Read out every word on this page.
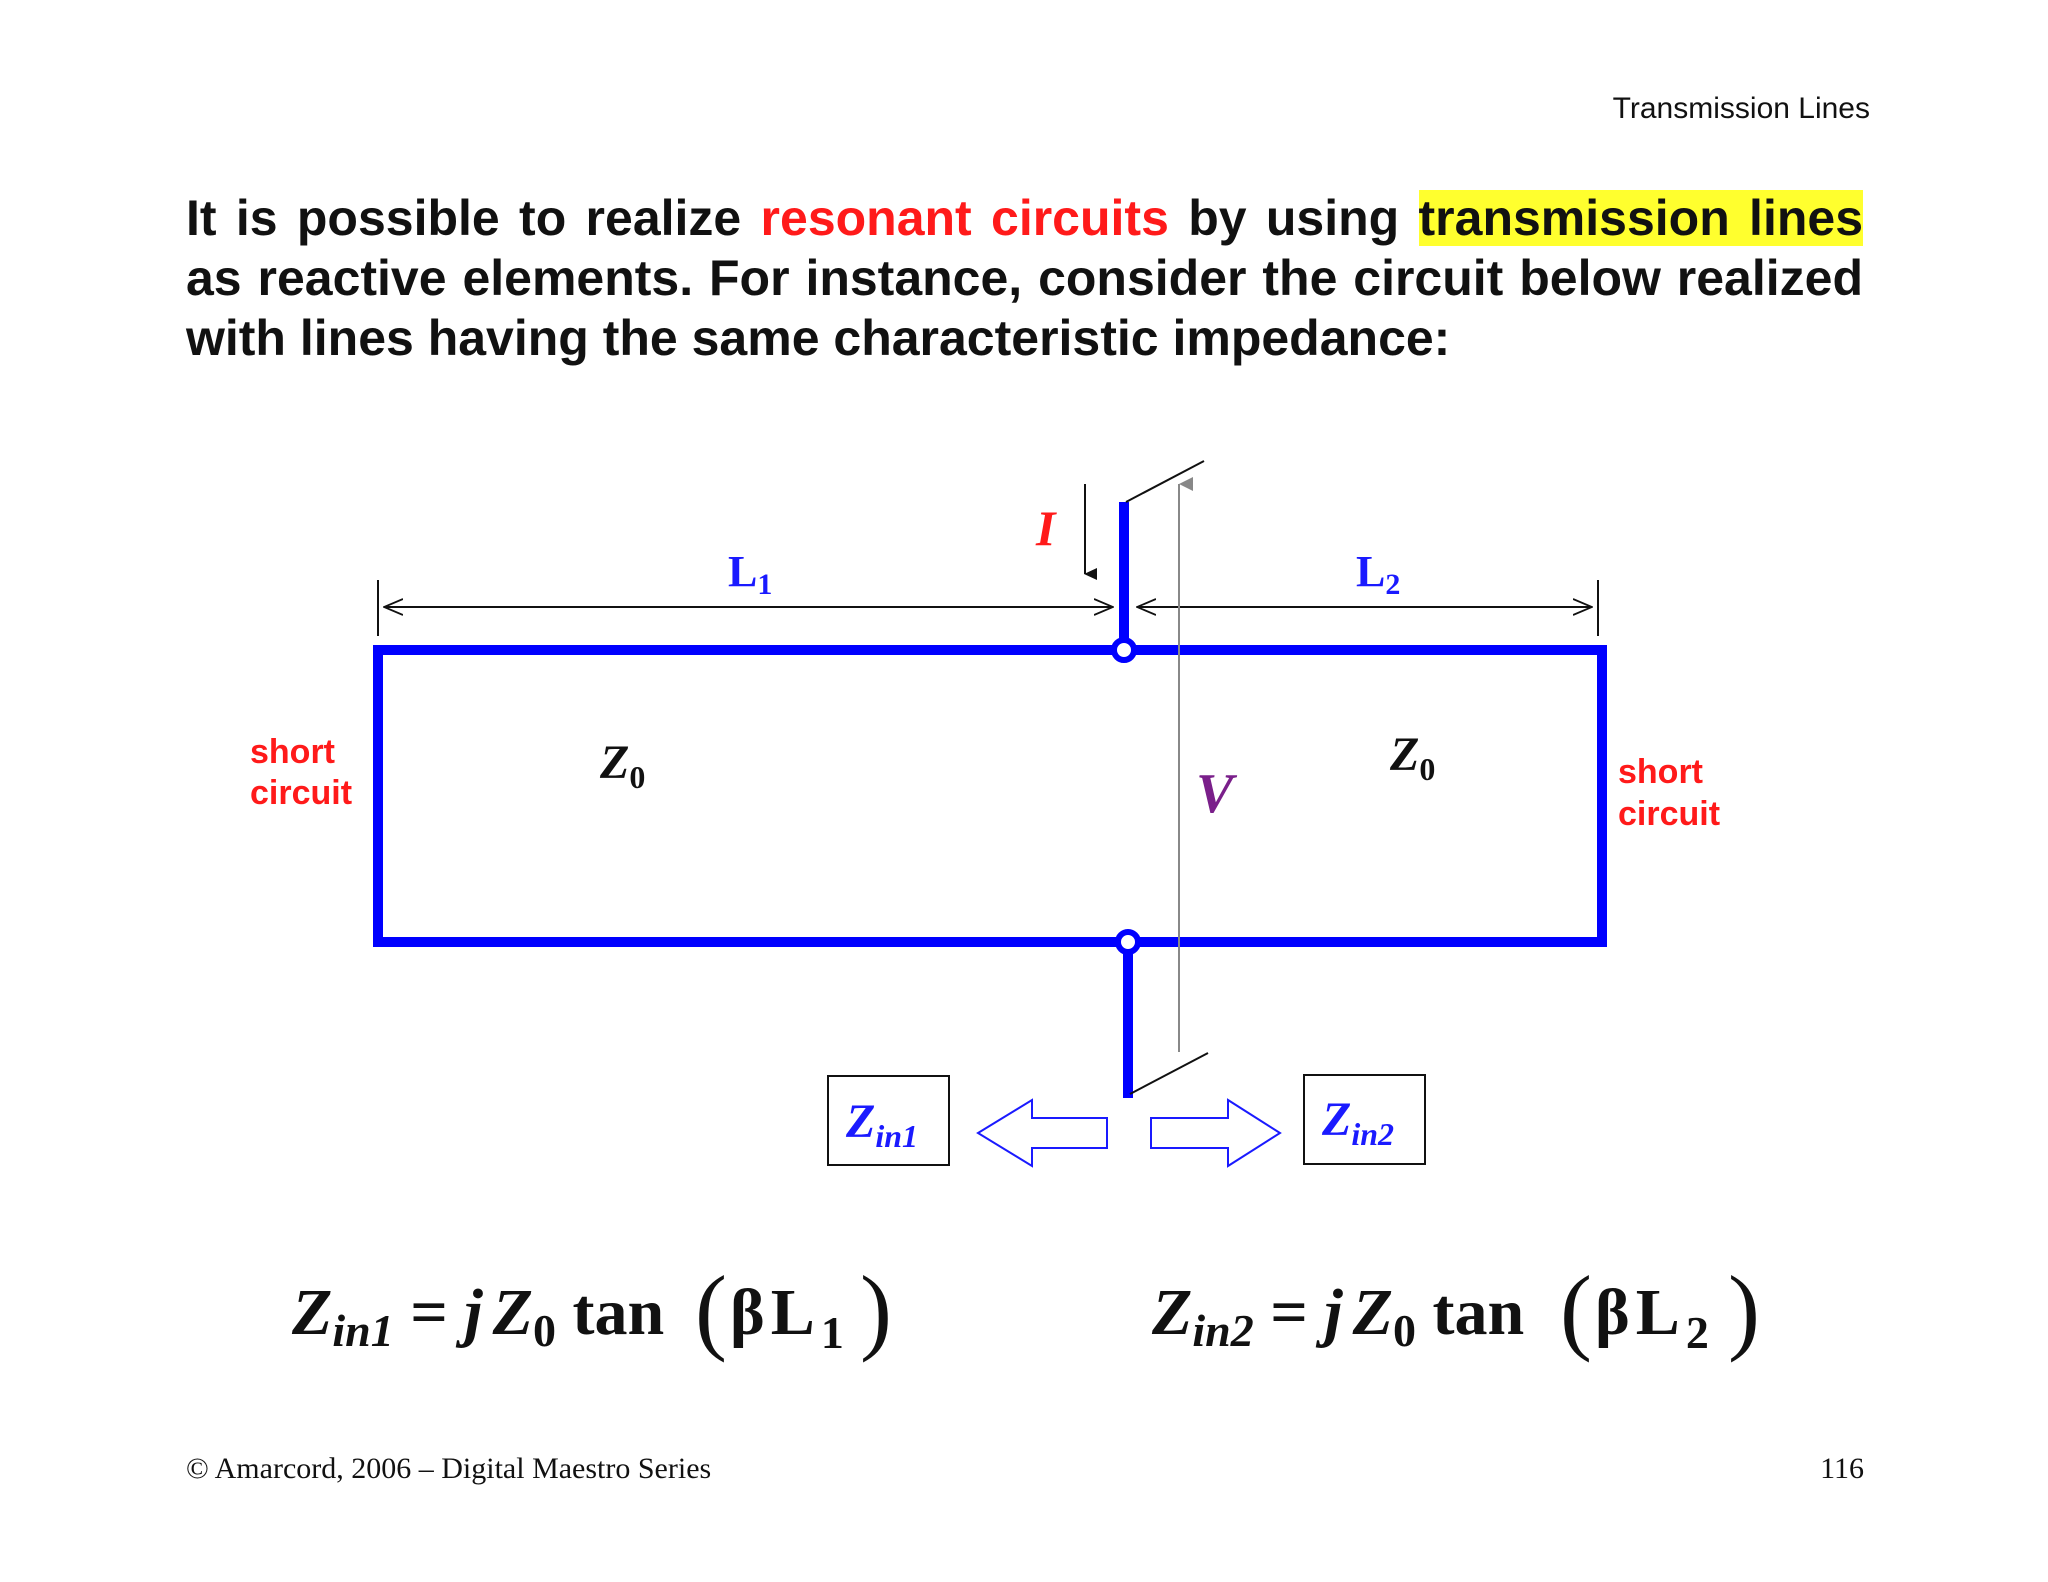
Transmission Lines
It is possible to realize resonant circuits by using transmission lines as reactive elements. For instance, consider the circuit below realized with lines having the same characteristic impedance:
L1	L2
I
V
$Z_0$	$Z_0$
short circuit
short circuit
$Z_{in1}$	$Z_{in2}$
Zin1 = j Z0 tan ( βL $_1$ )	Zin2 = j Z0 tan ( βL $_2$ )
© Amarcord, 2006 – Digital Maestro Series	116
